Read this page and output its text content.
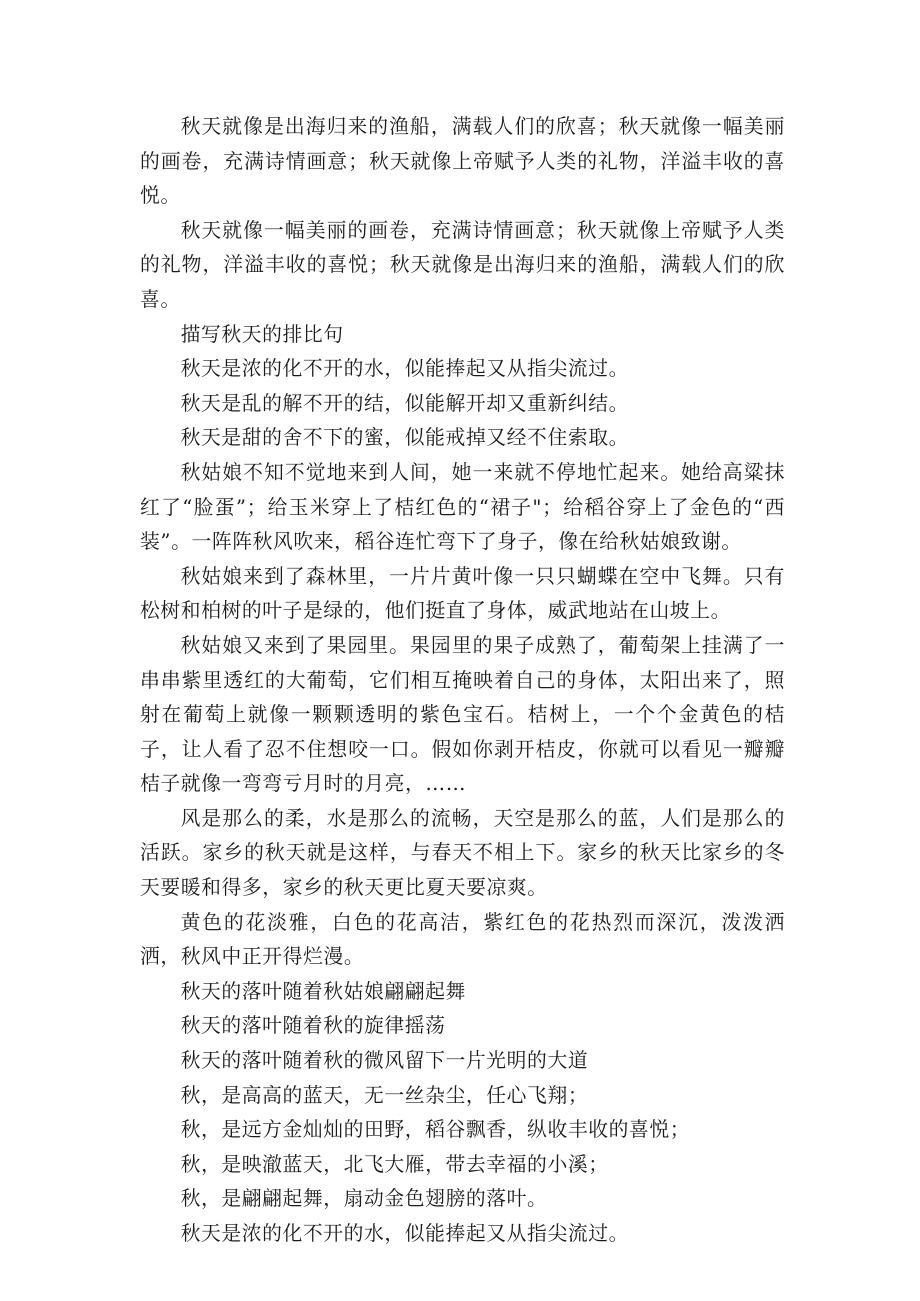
秋天就像是出海归来的渔船，满载人们的欣喜；秋天就像一幅美丽的画卷，充满诗情画意；秋天就像上帝赋予人类的礼物，洋溢丰收的喜悦。

秋天就像一幅美丽的画卷，充满诗情画意；秋天就像上帝赋予人类的礼物，洋溢丰收的喜悦；秋天就像是出海归来的渔船，满载人们的欣喜。

描写秋天的排比句

秋天是浓的化不开的水，似能捧起又从指尖流过。

秋天是乱的解不开的结，似能解开却又重新纠结。

秋天是甜的舍不下的蜜，似能戒掉又经不住索取。

秋姑娘不知不觉地来到人间，她一来就不停地忙起来。她给高粱抹红了“脸蛋”；给玉米穿上了桔红色的“裙子"；给稻谷穿上了金色的“西装”。一阵阵秋风吹来，稻谷连忙弯下了身子，像在给秋姑娘致谢。

秋姑娘来到了森林里，一片片黄叶像一只只蝴蝶在空中飞舞。只有松树和柏树的叶子是绿的，他们挺直了身体，威武地站在山坡上。

秋姑娘又来到了果园里。果园里的果子成熟了，葡萄架上挂满了一串串紫里透红的大葡萄，它们相互掩映着自己的身体，太阳出来了，照射在葡萄上就像一颗颗透明的紫色宝石。桔树上，一个个金黄色的桔子，让人看了忍不住想咬一口。假如你剥开桔皮，你就可以看见一瓣瓣桔子就像一弯弯亏月时的月亮，……

风是那么的柔，水是那么的流畅，天空是那么的蓝，人们是那么的活跃。家乡的秋天就是这样，与春天不相上下。家乡的秋天比家乡的冬天要暖和得多，家乡的秋天更比夏天要凉爽。

黄色的花淡雅，白色的花高洁，紫红色的花热烈而深沉，泼泼洒洒，秋风中正开得烂漫。

秋天的落叶随着秋姑娘翩翩起舞

秋天的落叶随着秋的旋律摇荡

秋天的落叶随着秋的微风留下一片光明的大道

秋，是高高的蓝天，无一丝杂尘，任心飞翔；

秋，是远方金灿灿的田野，稻谷飘香，纵收丰收的喜悦；

秋，是映澈蓝天，北飞大雁，带去幸福的小溪；

秋，是翩翩起舞，扇动金色翅膀的落叶。

秋天是浓的化不开的水，似能捧起又从指尖流过。
